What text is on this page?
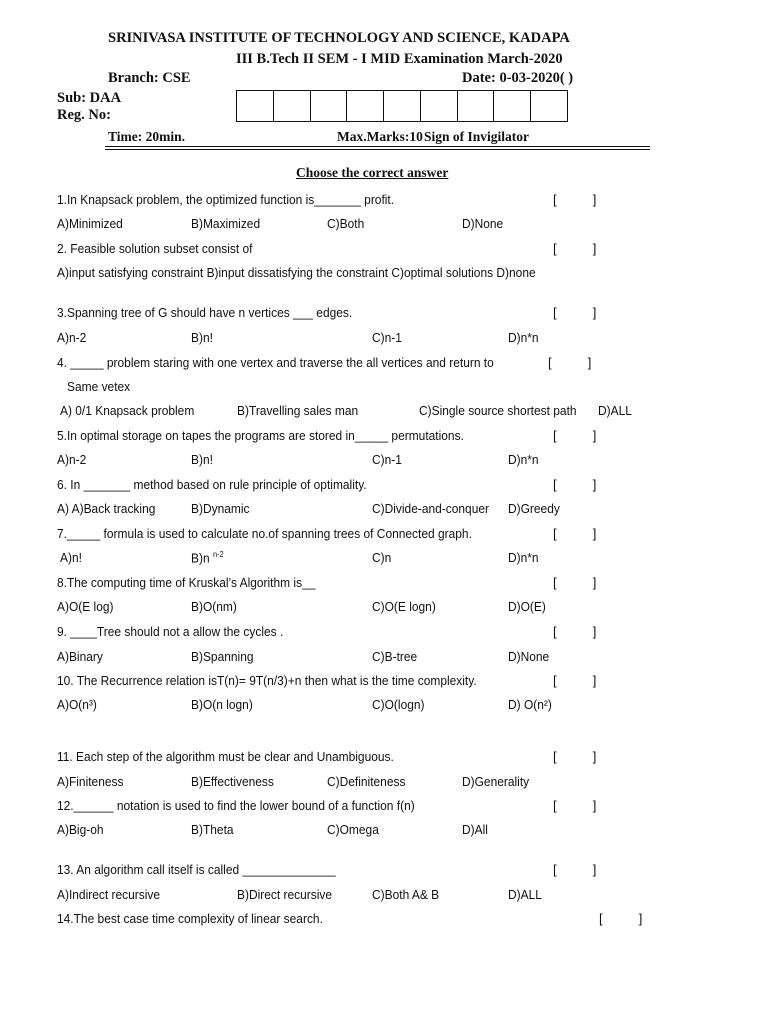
SRINIVASA INSTITUTE OF TECHNOLOGY AND SCIENCE, KADAPA
III B.Tech II SEM - I MID Examination March-2020
Branch: CSE	Date: 0-03-2020( )
Sub: DAA
Reg. No:
Time: 20min.	Max.Marks:10 Sign of Invigilator
Choose the correct answer
1.In Knapsack problem, the optimized function is_______ profit.	[          ]
A)Minimized	B)Maximized	C)Both	D)None
2. Feasible solution subset consist of	[          ]
A)input satisfying constraint B)input dissatisfying the constraint C)optimal solutions D)none
3.Spanning tree of G should have n vertices ___ edges.	[          ]
A)n-2	B)n!	C)n-1	D)n*n
4. _____ problem staring with one vertex and traverse the all vertices and return to	[          ]
Same vetex
A) 0/1 Knapsack problem	B)Travelling sales man	C)Single source shortest path D)ALL
5.In optimal storage on tapes the programs are stored in_____ permutations.	[          ]
A)n-2	B)n!	C)n-1	D)n*n
6. In _______ method based on rule principle of optimality.	[          ]
A) A)Back tracking	B)Dynamic	C)Divide-and-conquer D)Greedy
7._____ formula is used to calculate no.of spanning trees of Connected graph.	[          ]
A)n!	B)n $^{n-2}$	C)n	D)n*n
8.The computing time of Kruskal’s Algorithm is__	[          ]
A)O(E log)	B)O(nm)	C)O(E logn)	D)O(E)
9. ____Tree should not a allow the cycles .	[          ]
A)Binary	B)Spanning	C)B-tree	D)None
10. The Recurrence relation isT(n)= 9T(n/3)+n then what is the time complexity.	[          ]
A)O(n³)	B)O(n logn)	C)O(logn)	D) O(n²)
11. Each step of the algorithm must be clear and Unambiguous.	[          ]
A)Finiteness	B)Effectiveness	C)Definiteness	D)Generality
12.______ notation is used to find the lower bound of a function f(n)	[          ]
A)Big-oh	B)Theta	C)Omega	D)All
13. An algorithm call itself is called ______________	[          ]
A)Indirect recursive	B)Direct recursive	C)Both A& B	D)ALL
14.The best case time complexity of linear search.	[          ]
